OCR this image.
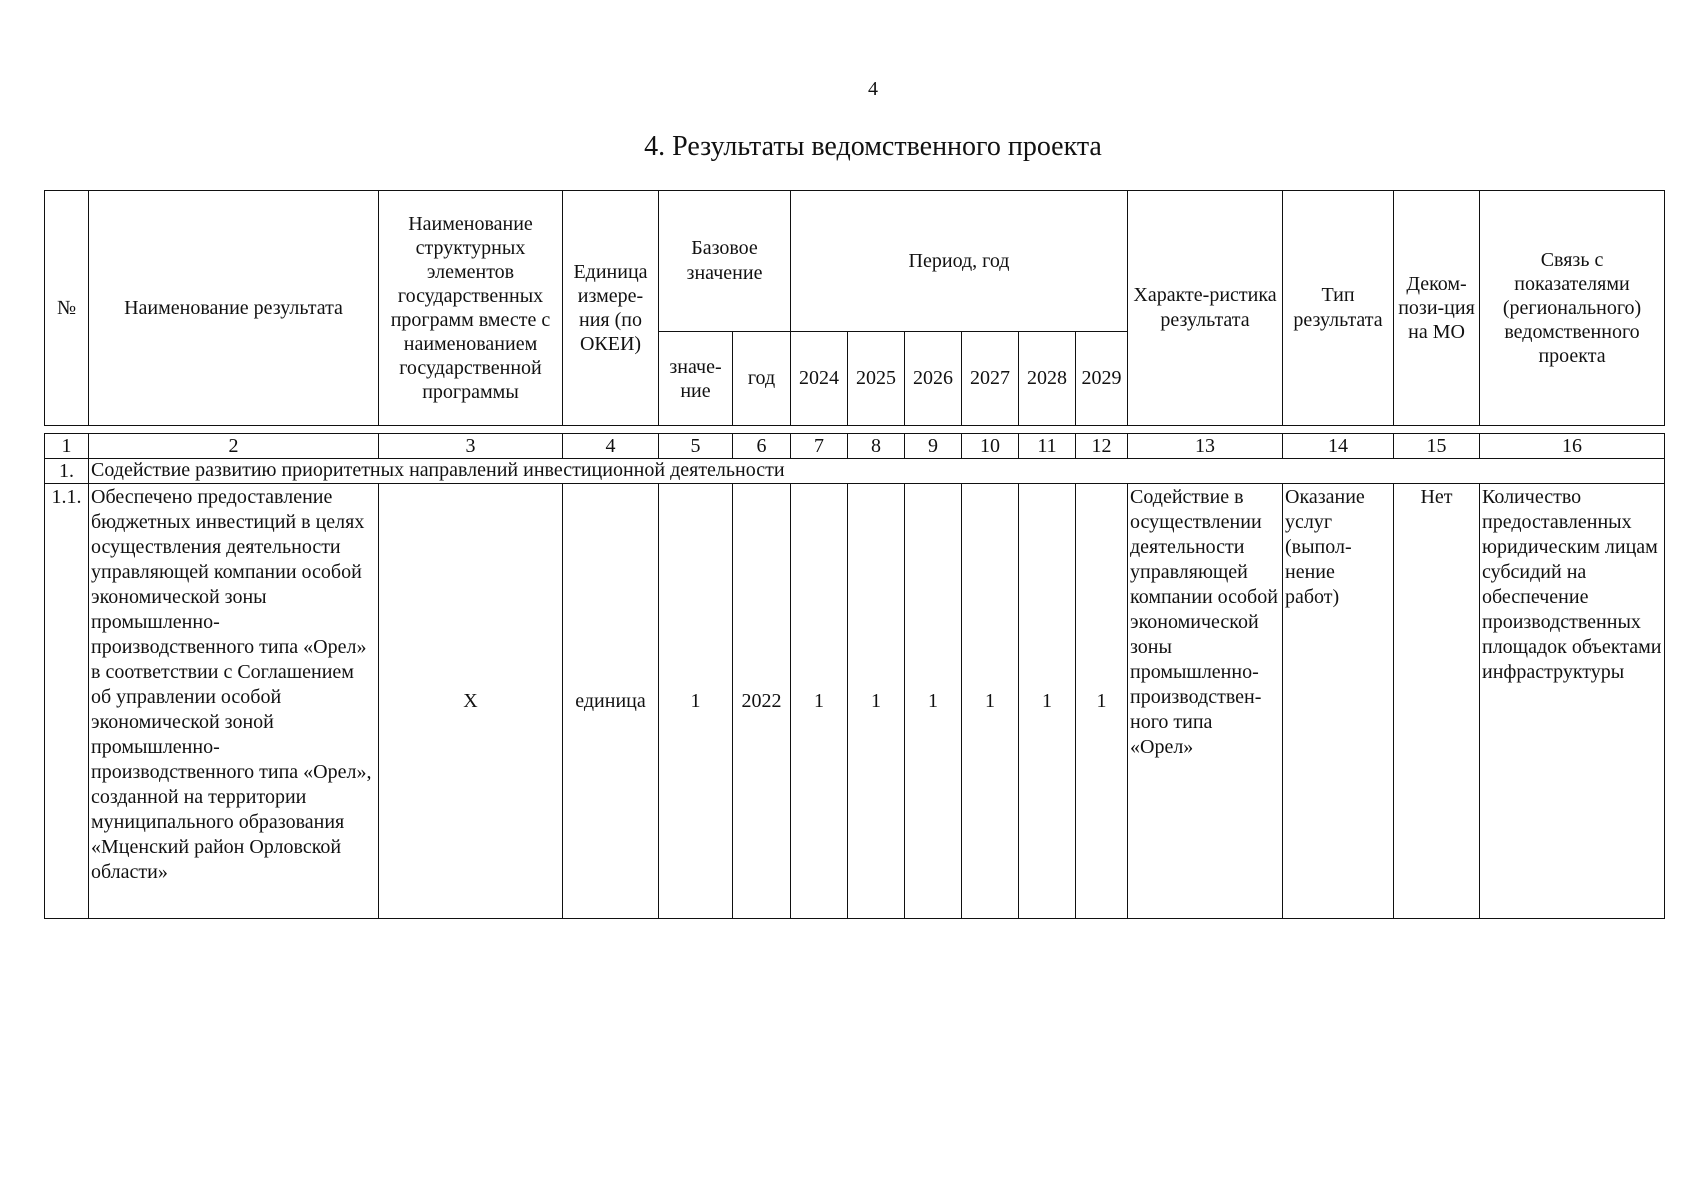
4
4. Результаты ведомственного проекта
№	Наименование результата	Наименование структурных элементов государственных программ вместе с наименованием государственной программы	Единица измере-ния (по ОКЕИ)	Базовое значение		Период, год						Характе-ристика результата	Тип результата	Деком-пози-ция на МО	Связь с показателями (регионального) ведомственного проекта
				значе-ние	год	2024	2025	2026	2027	2028	2029				
1	2	3	4	5	6	7	8	9	10	11	12	13	14	15	16
1.	Содействие развитию приоритетных направлений инвестиционной деятельности														
1.1.	Обеспечено предоставление бюджетных инвестиций в целях осуществления деятельности управляющей компании особой экономической зоны промышленно-производственного типа «Орел» в соответствии с Соглашением об управлении особой экономической зоной промышленно-производственного типа «Орел», созданной на территории муниципального образования «Мценский район Орловской области»	Х	единица	1	2022	1	1	1	1	1	1	Содействие в осуществлении деятельности управляющей компании особой экономической зоны промышленно-производствен-ного типа «Орел»	Оказание услуг (выпол-нение работ)	Нет	Количество предоставленных юридическим лицам субсидий на обеспечение производственных площадок объектами инфраструктуры
